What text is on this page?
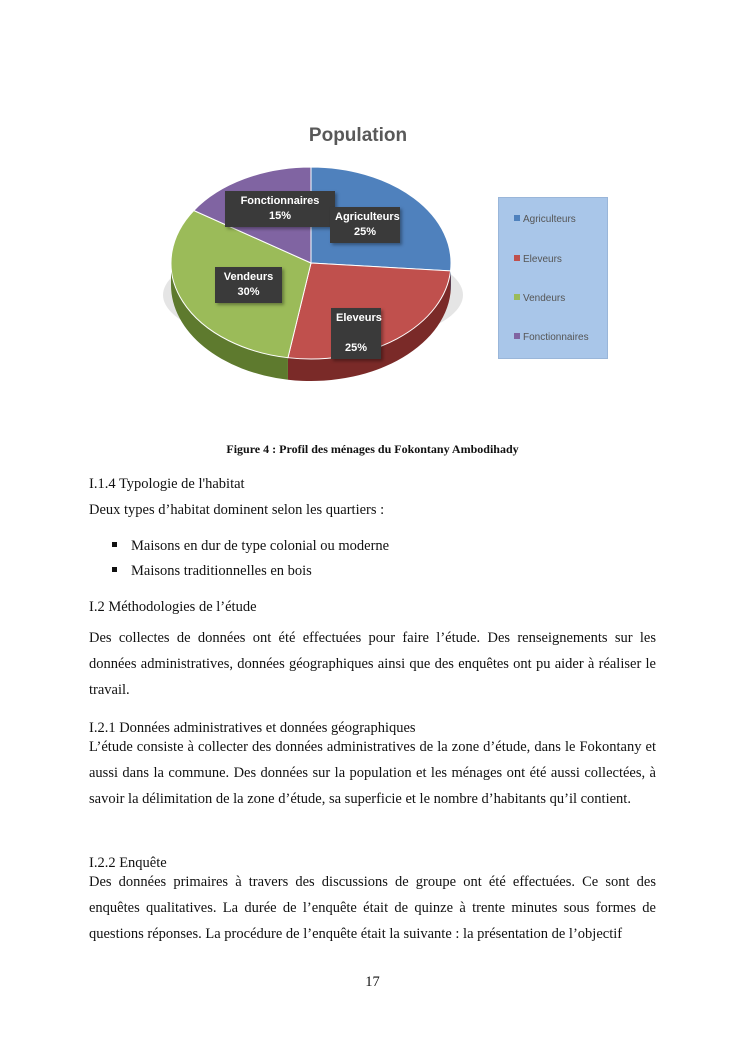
Population
Fonctionnaires
15%	Agriculteurs
25%
Vendeurs
30%
Eleveurs
25%
Agriculteurs
Eleveurs
Vendeurs
Fonctionnaires
Figure 4 : Profil des ménages du Fokontany Ambodihady
I.1.4 Typologie de l'habitat
Deux types d’habitat dominent selon les quartiers :
Maisons en dur de type colonial ou moderne
Maisons traditionnelles en bois
I.2 Méthodologies de l’étude

Des collectes de données ont été effectuées pour faire l’étude. Des renseignements sur les données administratives, données géographiques ainsi que des enquêtes ont pu aider à réaliser le travail.

I.2.1 Données administratives et données géographiques

L’étude consiste à collecter des données administratives de la zone d’étude, dans le Fokontany et aussi dans la commune. Des données sur la population et les ménages ont été aussi collectées, à savoir la délimitation de la zone d’étude, sa superficie et le nombre d’habitants qu’il contient.

I.2.2 Enquête

Des données primaires à travers des discussions de groupe ont été effectuées. Ce sont des enquêtes qualitatives. La durée de l’enquête était de quinze à trente minutes sous formes de questions réponses. La procédure de l’enquête était la suivante : la présentation de l’objectif

17
